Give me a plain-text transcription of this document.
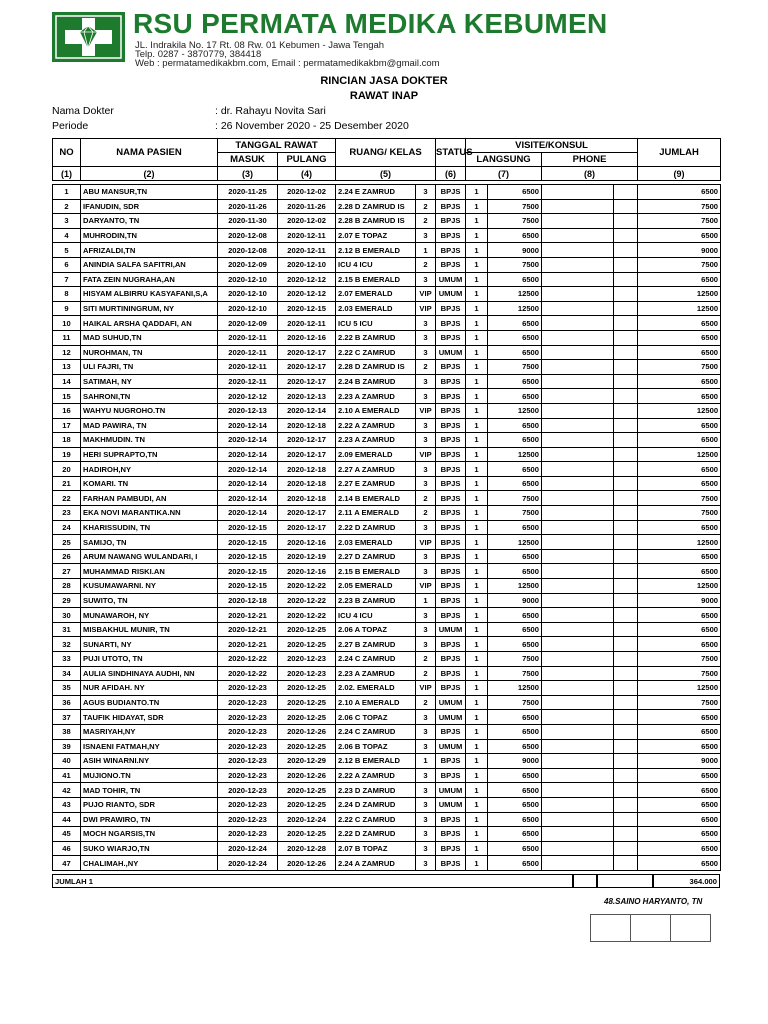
RSU PERMATA MEDIKA KEBUMEN
JL. Indrakila No. 17 Rt. 08 Rw. 01 Kebumen - Jawa Tengah
Telp. 0287 - 3870779, 384418
Web : permatamedikakbm.com, Email : permatamedikakbm@gmail.com
RINCIAN JASA DOKTER
RAWAT INAP
Nama Dokter	: dr. Rahayu Novita Sari
Periode	: 26 November 2020 - 25 Desember 2020
NO	NAMA PASIEN	TANGGAL RAWAT		RUANG/ KELAS		STATUS	VISITE/KONSUL				JUMLAH
		MASUK	PULANG				LANGSUNG		PHONE		
(1)	(2)	(3)	(4)	(5)		(6)	(7)		(8)		(9)

1	ABU MANSUR,TN	2020-11-25	2020-12-02	2.24 E ZAMRUD	3	BPJS	1	6500			6500
2	IFANUDIN, SDR	2020-11-26	2020-11-26	2.28 D ZAMRUD IS	2	BPJS	1	7500			7500
3	DARYANTO, TN	2020-11-30	2020-12-02	2.28 B ZAMRUD IS	2	BPJS	1	7500			7500
4	MUHRODIN,TN	2020-12-08	2020-12-11	2.07 E TOPAZ	3	BPJS	1	6500			6500
5	AFRIZALDI,TN	2020-12-08	2020-12-11	2.12 B EMERALD	1	BPJS	1	9000			9000
6	ANINDIA SALFA SAFITRI,AN	2020-12-09	2020-12-10	ICU 4 ICU	2	BPJS	1	7500			7500
7	FATA ZEIN NUGRAHA,AN	2020-12-10	2020-12-12	2.15 B EMERALD	3	UMUM	1	6500			6500
8	HISYAM ALBIRRU KASYAFANI,S,A	2020-12-10	2020-12-12	2.07 EMERALD	VIP	UMUM	1	12500			12500
9	SITI MURTININGRUM, NY	2020-12-10	2020-12-15	2.03 EMERALD	VIP	BPJS	1	12500			12500
10	HAIKAL ARSHA QADDAFI, AN	2020-12-09	2020-12-11	ICU 5 ICU	3	BPJS	1	6500			6500
11	MAD SUHUD,TN	2020-12-11	2020-12-16	2.22 B ZAMRUD	3	BPJS	1	6500			6500
12	NUROHMAN, TN	2020-12-11	2020-12-17	2.22 C ZAMRUD	3	UMUM	1	6500			6500
13	ULI FAJRI, TN	2020-12-11	2020-12-17	2.28 D ZAMRUD IS	2	BPJS	1	7500			7500
14	SATIMAH, NY	2020-12-11	2020-12-17	2.24 B ZAMRUD	3	BPJS	1	6500			6500
15	SAHRONI,TN	2020-12-12	2020-12-13	2.23 A ZAMRUD	3	BPJS	1	6500			6500
16	WAHYU NUGROHO.TN	2020-12-13	2020-12-14	2.10 A EMERALD	VIP	BPJS	1	12500			12500
17	MAD PAWIRA, TN	2020-12-14	2020-12-18	2.22 A ZAMRUD	3	BPJS	1	6500			6500
18	MAKHMUDIN. TN	2020-12-14	2020-12-17	2.23 A ZAMRUD	3	BPJS	1	6500			6500
19	HERI SUPRAPTO,TN	2020-12-14	2020-12-17	2.09 EMERALD	VIP	BPJS	1	12500			12500
20	HADIROH,NY	2020-12-14	2020-12-18	2.27 A ZAMRUD	3	BPJS	1	6500			6500
21	KOMARI. TN	2020-12-14	2020-12-18	2.27 E ZAMRUD	3	BPJS	1	6500			6500
22	FARHAN PAMBUDI, AN	2020-12-14	2020-12-18	2.14 B EMERALD	2	BPJS	1	7500			7500
23	EKA NOVI MARANTIKA.NN	2020-12-14	2020-12-17	2.11 A EMERALD	2	BPJS	1	7500			7500
24	KHARISSUDIN, TN	2020-12-15	2020-12-17	2.22 D ZAMRUD	3	BPJS	1	6500			6500
25	SAMIJO, TN	2020-12-15	2020-12-16	2.03 EMERALD	VIP	BPJS	1	12500			12500
26	ARUM NAWANG WULANDARI, I	2020-12-15	2020-12-19	2.27 D ZAMRUD	3	BPJS	1	6500			6500
27	MUHAMMAD RISKI.AN	2020-12-15	2020-12-16	2.15 B EMERALD	3	BPJS	1	6500			6500
28	KUSUMAWARNI. NY	2020-12-15	2020-12-22	2.05 EMERALD	VIP	BPJS	1	12500			12500
29	SUWITO, TN	2020-12-18	2020-12-22	2.23 B ZAMRUD	1	BPJS	1	9000			9000
30	MUNAWAROH, NY	2020-12-21	2020-12-22	ICU 4 ICU	3	BPJS	1	6500			6500
31	MISBAKHUL MUNIR, TN	2020-12-21	2020-12-25	2.06 A TOPAZ	3	UMUM	1	6500			6500
32	SUNARTI, NY	2020-12-21	2020-12-25	2.27 B ZAMRUD	3	BPJS	1	6500			6500
33	PUJI UTOTO, TN	2020-12-22	2020-12-23	2.24 C ZAMRUD	2	BPJS	1	7500			7500
34	AULIA SINDHINAYA AUDHI, NN	2020-12-22	2020-12-23	2.23 A ZAMRUD	2	BPJS	1	7500			7500
35	NUR AFIDAH. NY	2020-12-23	2020-12-25	2.02. EMERALD	VIP	BPJS	1	12500			12500
36	AGUS BUDIANTO.TN	2020-12-23	2020-12-25	2.10 A EMERALD	2	UMUM	1	7500			7500
37	TAUFIK HIDAYAT, SDR	2020-12-23	2020-12-25	2.06 C TOPAZ	3	UMUM	1	6500			6500
38	MASRIYAH,NY	2020-12-23	2020-12-26	2.24 C ZAMRUD	3	BPJS	1	6500			6500
39	ISNAENI FATMAH,NY	2020-12-23	2020-12-25	2.06 B TOPAZ	3	UMUM	1	6500			6500
40	ASIH WINARNI.NY	2020-12-23	2020-12-29	2.12 B EMERALD	1	BPJS	1	9000			9000
41	MUJIONO.TN	2020-12-23	2020-12-26	2.22 A ZAMRUD	3	BPJS	1	6500			6500
42	MAD TOHIR, TN	2020-12-23	2020-12-25	2.23 D ZAMRUD	3	UMUM	1	6500			6500
43	PUJO RIANTO, SDR	2020-12-23	2020-12-25	2.24 D ZAMRUD	3	UMUM	1	6500			6500
44	DWI PRAWIRO, TN	2020-12-23	2020-12-24	2.22 C ZAMRUD	3	BPJS	1	6500			6500
45	MOCH NGARSIS,TN	2020-12-23	2020-12-25	2.22 D ZAMRUD	3	BPJS	1	6500			6500
46	SUKO WIARJO,TN	2020-12-24	2020-12-28	2.07 B TOPAZ	3	BPJS	1	6500			6500
47	CHALIMAH.,NY	2020-12-24	2020-12-26	2.24 A ZAMRUD	3	BPJS	1	6500			6500
JUMLAH 1	364.000
48.SAINO HARYANTO, TN
